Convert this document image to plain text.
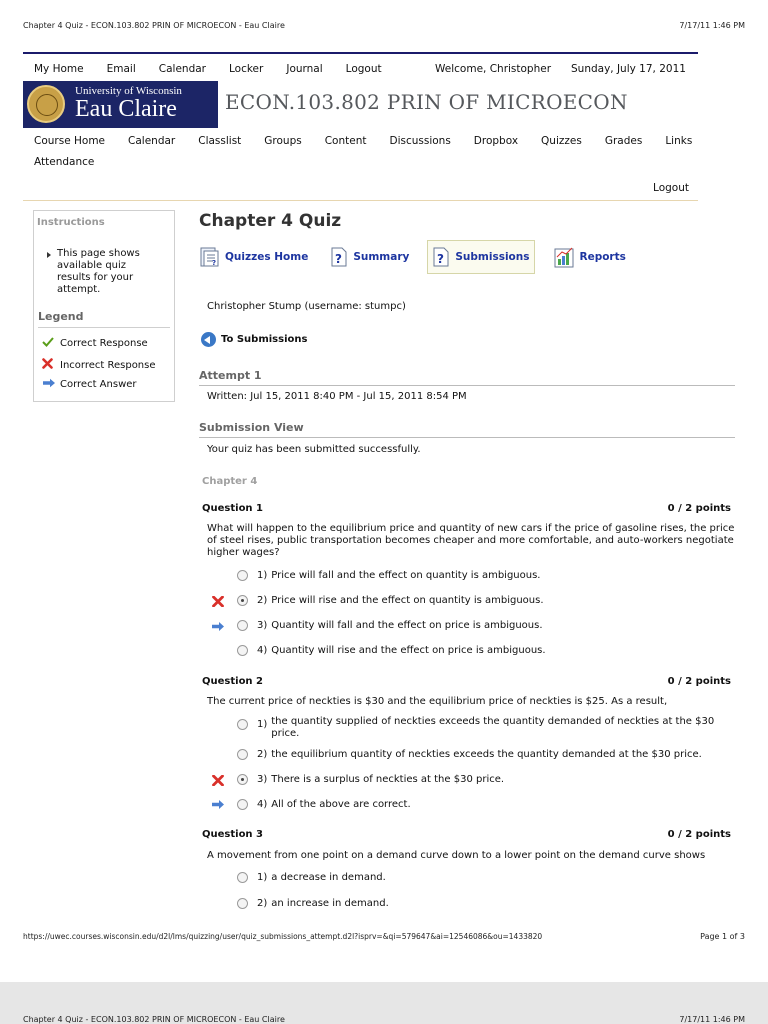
Chapter 4 Quiz - ECON.103.802 PRIN OF MICROECON - Eau Claire	7/17/11 1:46 PM
My Home Email Calendar Locker Journal Logout	Welcome, Christopher Sunday, July 17, 2011
University of Wisconsin
Eau Claire ECON.103.802 PRIN OF MICROECON
Course Home Calendar Classlist Groups Content Discussions Dropbox Quizzes Grades Links
Attendance
Logout
Instructions
This page shows available quiz results for your attempt.
Legend
Correct Response
Incorrect Response
Correct Answer
Chapter 4 Quiz
? Quizzes Home ? Summary ? Submissions	Reports
Christopher Stump (username: stumpc)
To Submissions
Attempt 1
Written: Jul 15, 2011 8:40 PM - Jul 15, 2011 8:54 PM
Submission View
Your quiz has been submitted successfully.
Chapter 4
Question 1	0 / 2 points
What will happen to the equilibrium price and quantity of new cars if the price of gasoline rises, the price of steel rises, public transportation becomes cheaper and more comfortable, and auto-workers negotiate higher wages?
1) Price will fall and the effect on quantity is ambiguous.
2) Price will rise and the effect on quantity is ambiguous.
3) Quantity will fall and the effect on price is ambiguous.
4) Quantity will rise and the effect on price is ambiguous.
Question 2	0 / 2 points
The current price of neckties is $30 and the equilibrium price of neckties is $25. As a result,
1) the quantity supplied of neckties exceeds the quantity demanded of neckties at the $30 price.
2) the equilibrium quantity of neckties exceeds the quantity demanded at the $30 price.
3) There is a surplus of neckties at the $30 price.
4) All of the above are correct.
Question 3	0 / 2 points
A movement from one point on a demand curve down to a lower point on the demand curve shows
1) a decrease in demand.
2) an increase in demand.
https://uwec.courses.wisconsin.edu/d2l/lms/quizzing/user/quiz_submissions_attempt.d2l?isprv=&qi=579647&ai=12546086&ou=1433820	Page 1 of 3
Chapter 4 Quiz - ECON.103.802 PRIN OF MICROECON - Eau Claire	7/17/11 1:46 PM
